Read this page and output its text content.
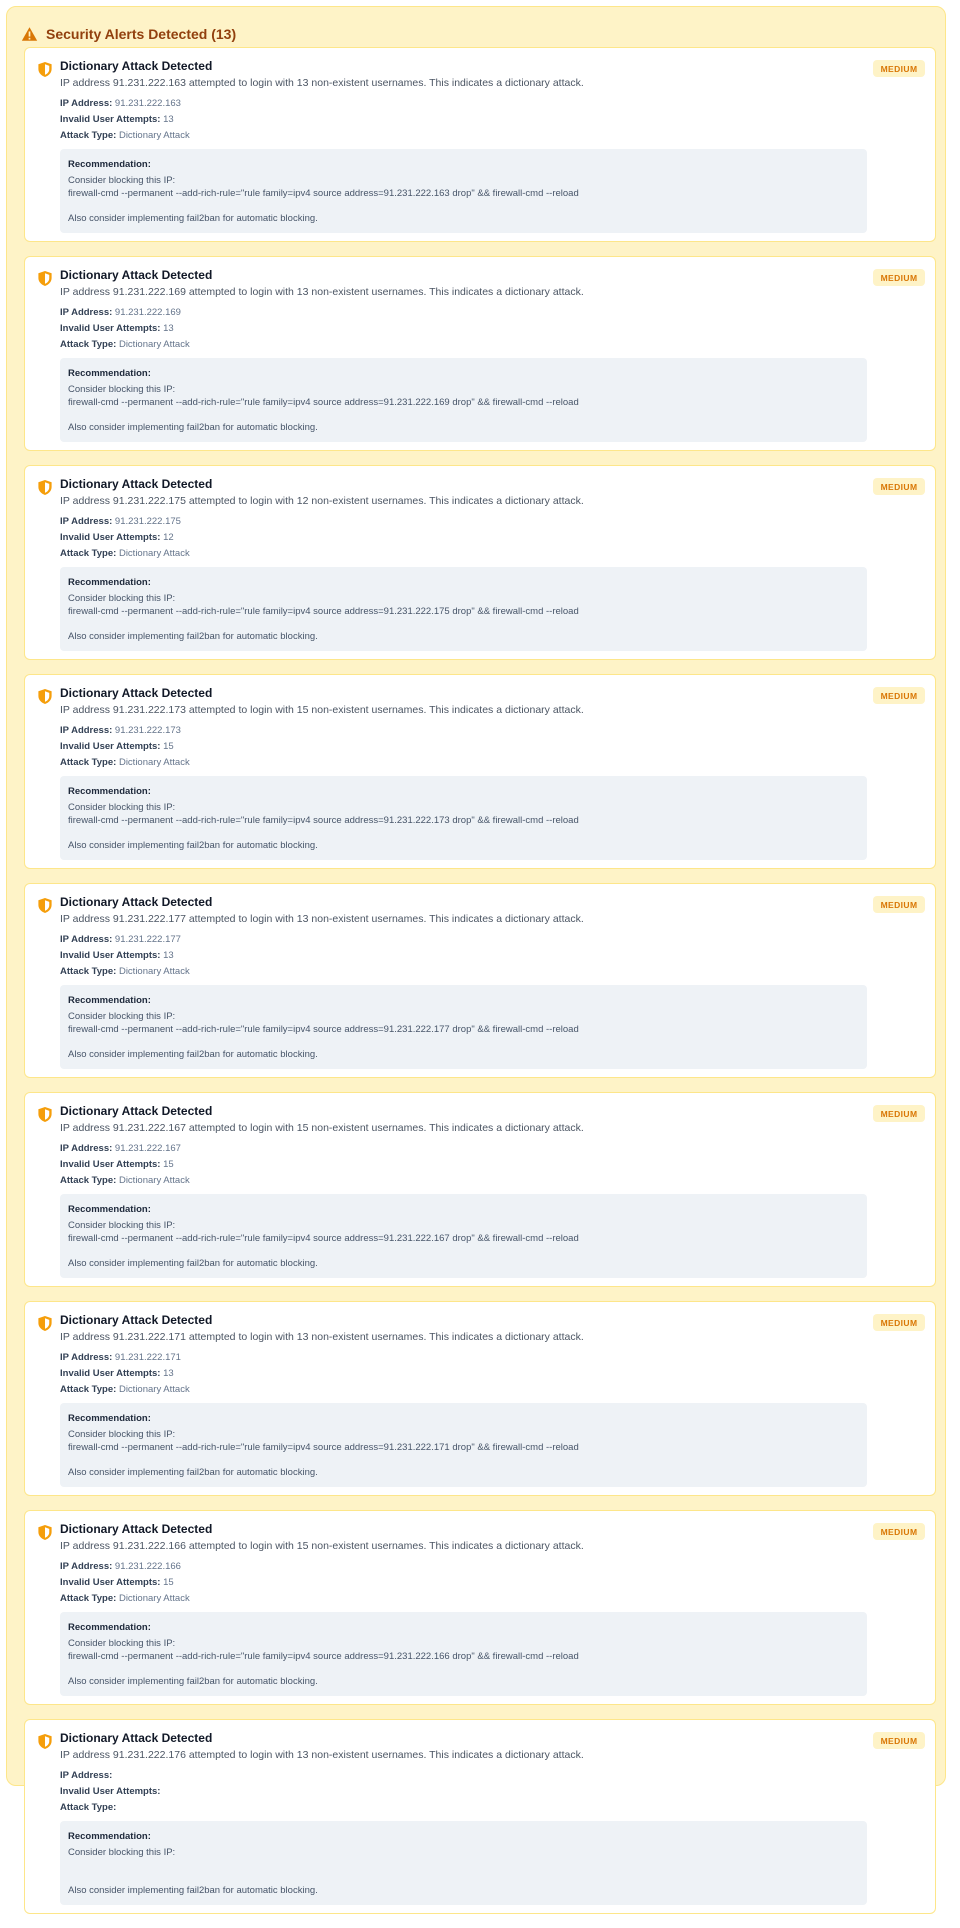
Security Alerts Detected (13)
Dictionary Attack Detected
IP address 91.231.222.163 attempted to login with 13 non-existent usernames. This indicates a dictionary attack.
MEDIUM
IP Address: 91.231.222.163
Invalid User Attempts: 13
Attack Type: Dictionary Attack
Recommendation:
Consider blocking this IP:
firewall-cmd --permanent --add-rich-rule="rule family=ipv4 source address=91.231.222.163 drop" && firewall-cmd --reload
Also consider implementing fail2ban for automatic blocking.
Dictionary Attack Detected
IP address 91.231.222.169 attempted to login with 13 non-existent usernames. This indicates a dictionary attack.
MEDIUM
IP Address: 91.231.222.169
Invalid User Attempts: 13
Attack Type: Dictionary Attack
Recommendation:
Consider blocking this IP:
firewall-cmd --permanent --add-rich-rule="rule family=ipv4 source address=91.231.222.169 drop" && firewall-cmd --reload
Also consider implementing fail2ban for automatic blocking.
Dictionary Attack Detected
IP address 91.231.222.175 attempted to login with 12 non-existent usernames. This indicates a dictionary attack.
MEDIUM
IP Address: 91.231.222.175
Invalid User Attempts: 12
Attack Type: Dictionary Attack
Recommendation:
Consider blocking this IP:
firewall-cmd --permanent --add-rich-rule="rule family=ipv4 source address=91.231.222.175 drop" && firewall-cmd --reload
Also consider implementing fail2ban for automatic blocking.
Dictionary Attack Detected
IP address 91.231.222.173 attempted to login with 15 non-existent usernames. This indicates a dictionary attack.
MEDIUM
IP Address: 91.231.222.173
Invalid User Attempts: 15
Attack Type: Dictionary Attack
Recommendation:
Consider blocking this IP:
firewall-cmd --permanent --add-rich-rule="rule family=ipv4 source address=91.231.222.173 drop" && firewall-cmd --reload
Also consider implementing fail2ban for automatic blocking.
Dictionary Attack Detected
IP address 91.231.222.177 attempted to login with 13 non-existent usernames. This indicates a dictionary attack.
MEDIUM
IP Address: 91.231.222.177
Invalid User Attempts: 13
Attack Type: Dictionary Attack
Recommendation:
Consider blocking this IP:
firewall-cmd --permanent --add-rich-rule="rule family=ipv4 source address=91.231.222.177 drop" && firewall-cmd --reload
Also consider implementing fail2ban for automatic blocking.
Dictionary Attack Detected
IP address 91.231.222.167 attempted to login with 15 non-existent usernames. This indicates a dictionary attack.
MEDIUM
IP Address: 91.231.222.167
Invalid User Attempts: 15
Attack Type: Dictionary Attack
Recommendation:
Consider blocking this IP:
firewall-cmd --permanent --add-rich-rule="rule family=ipv4 source address=91.231.222.167 drop" && firewall-cmd --reload
Also consider implementing fail2ban for automatic blocking.
Dictionary Attack Detected
IP address 91.231.222.171 attempted to login with 13 non-existent usernames. This indicates a dictionary attack.
MEDIUM
IP Address: 91.231.222.171
Invalid User Attempts: 13
Attack Type: Dictionary Attack
Recommendation:
Consider blocking this IP:
firewall-cmd --permanent --add-rich-rule="rule family=ipv4 source address=91.231.222.171 drop" && firewall-cmd --reload
Also consider implementing fail2ban for automatic blocking.
Dictionary Attack Detected
IP address 91.231.222.166 attempted to login with 15 non-existent usernames. This indicates a dictionary attack.
MEDIUM
IP Address: 91.231.222.166
Invalid User Attempts: 15
Attack Type: Dictionary Attack
Recommendation:
Consider blocking this IP:
firewall-cmd --permanent --add-rich-rule="rule family=ipv4 source address=91.231.222.166 drop" && firewall-cmd --reload
Also consider implementing fail2ban for automatic blocking.
Dictionary Attack Detected
IP address 91.231.222.176 attempted to login with 13 non-existent usernames. This indicates a dictionary attack.
MEDIUM
IP Address:
Invalid User Attempts:
Attack Type:
Recommendation:
Consider blocking this IP:
Also consider implementing fail2ban for automatic blocking.
